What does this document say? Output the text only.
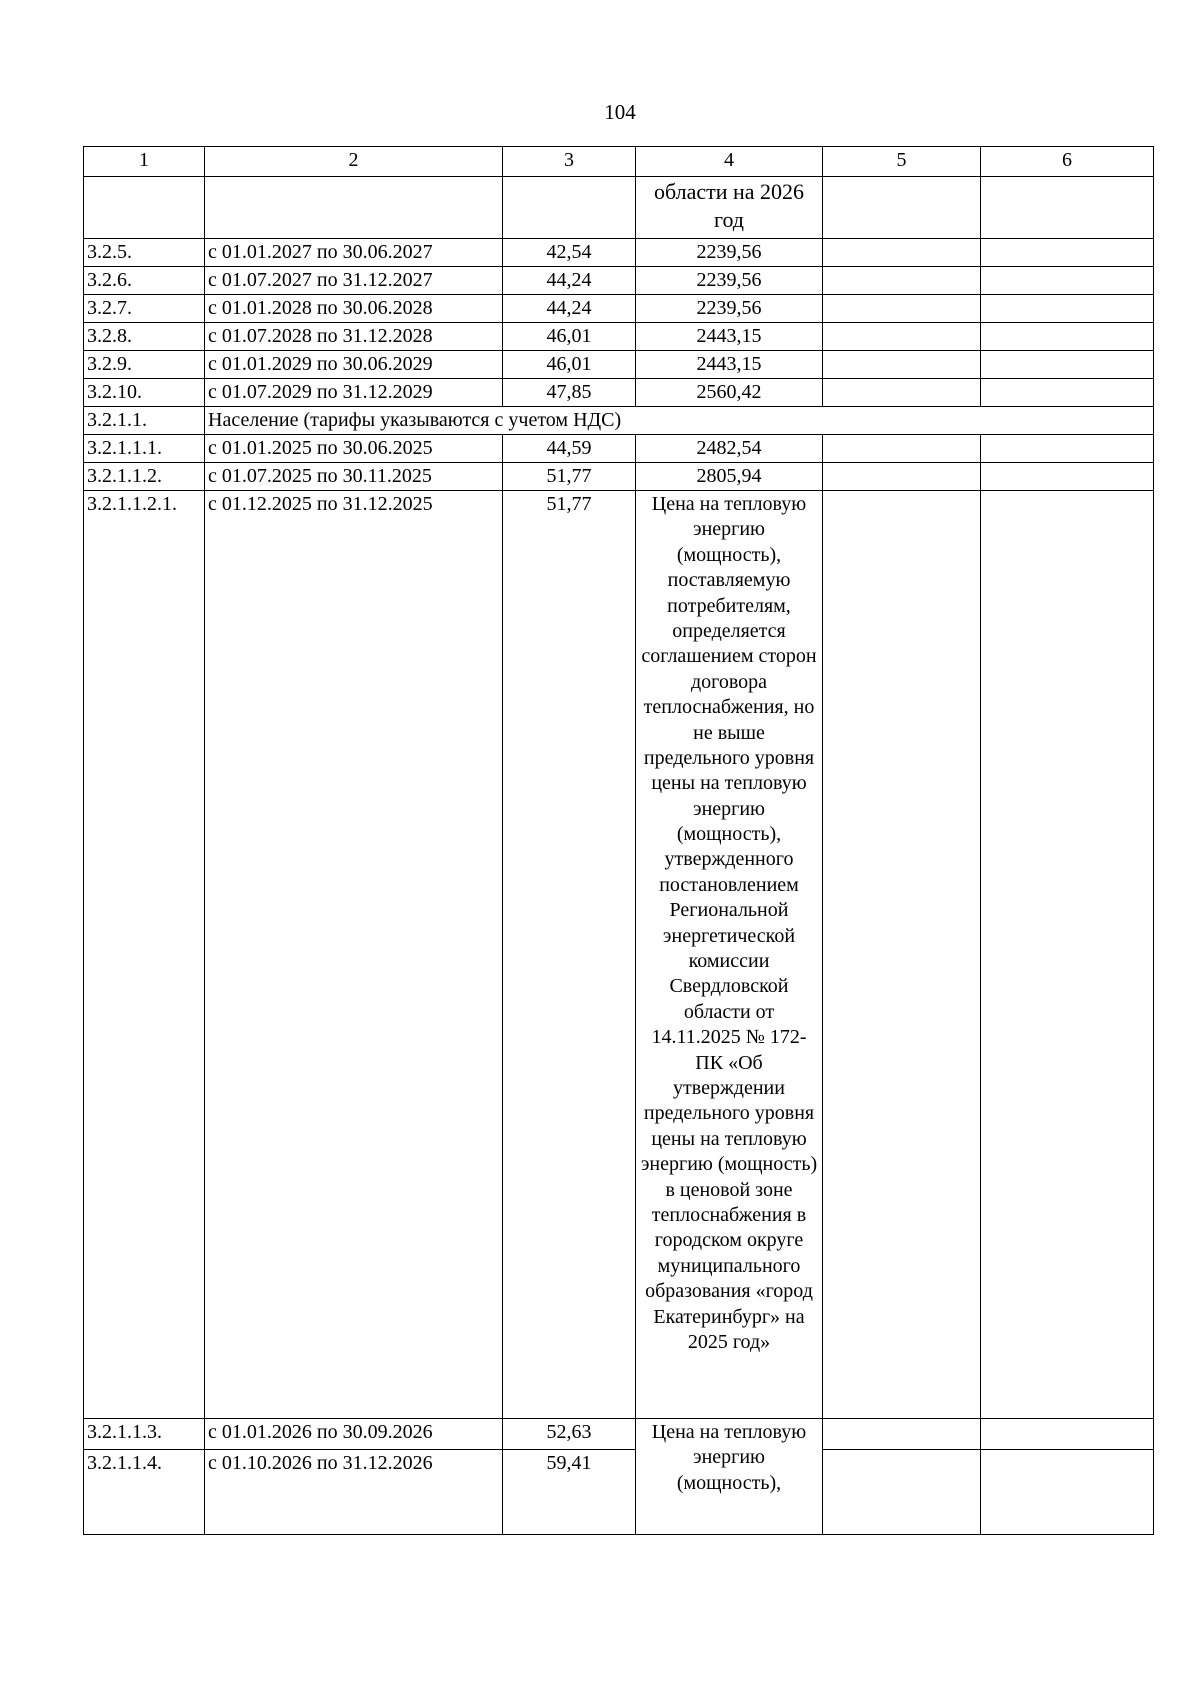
104
1	2	3	4	5	6
			области на 2026 год		
3.2.5.	с 01.01.2027 по 30.06.2027	42,54	2239,56		
3.2.6.	с 01.07.2027 по 31.12.2027	44,24	2239,56		
3.2.7.	с 01.01.2028 по 30.06.2028	44,24	2239,56		
3.2.8.	с 01.07.2028 по 31.12.2028	46,01	2443,15		
3.2.9.	с 01.01.2029 по 30.06.2029	46,01	2443,15		
3.2.10.	с 01.07.2029 по 31.12.2029	47,85	2560,42		
3.2.1.1.	Население (тарифы указываются с учетом НДС)				
3.2.1.1.1.	с 01.01.2025 по 30.06.2025	44,59	2482,54		
3.2.1.1.2.	с 01.07.2025 по 30.11.2025	51,77	2805,94		
3.2.1.1.2.1.	с 01.12.2025 по 31.12.2025	51,77	Цена на тепловую энергию (мощность), поставляемую потребителям, определяется соглашением сторон договора теплоснабжения, но не выше предельного уровня цены на тепловую энергию (мощность), утвержденного постановлением Региональной энергетической комиссии Свердловской области от 14.11.2025 № 172-ПК «Об утверждении предельного уровня цены на тепловую энергию (мощность) в ценовой зоне теплоснабжения в городском округе муниципального образования «город Екатеринбург» на 2025 год»		
3.2.1.1.3.	с 01.01.2026 по 30.09.2026	52,63	Цена на тепловую энергию (мощность),		
3.2.1.1.4.	с 01.10.2026 по 31.12.2026	59,41			
